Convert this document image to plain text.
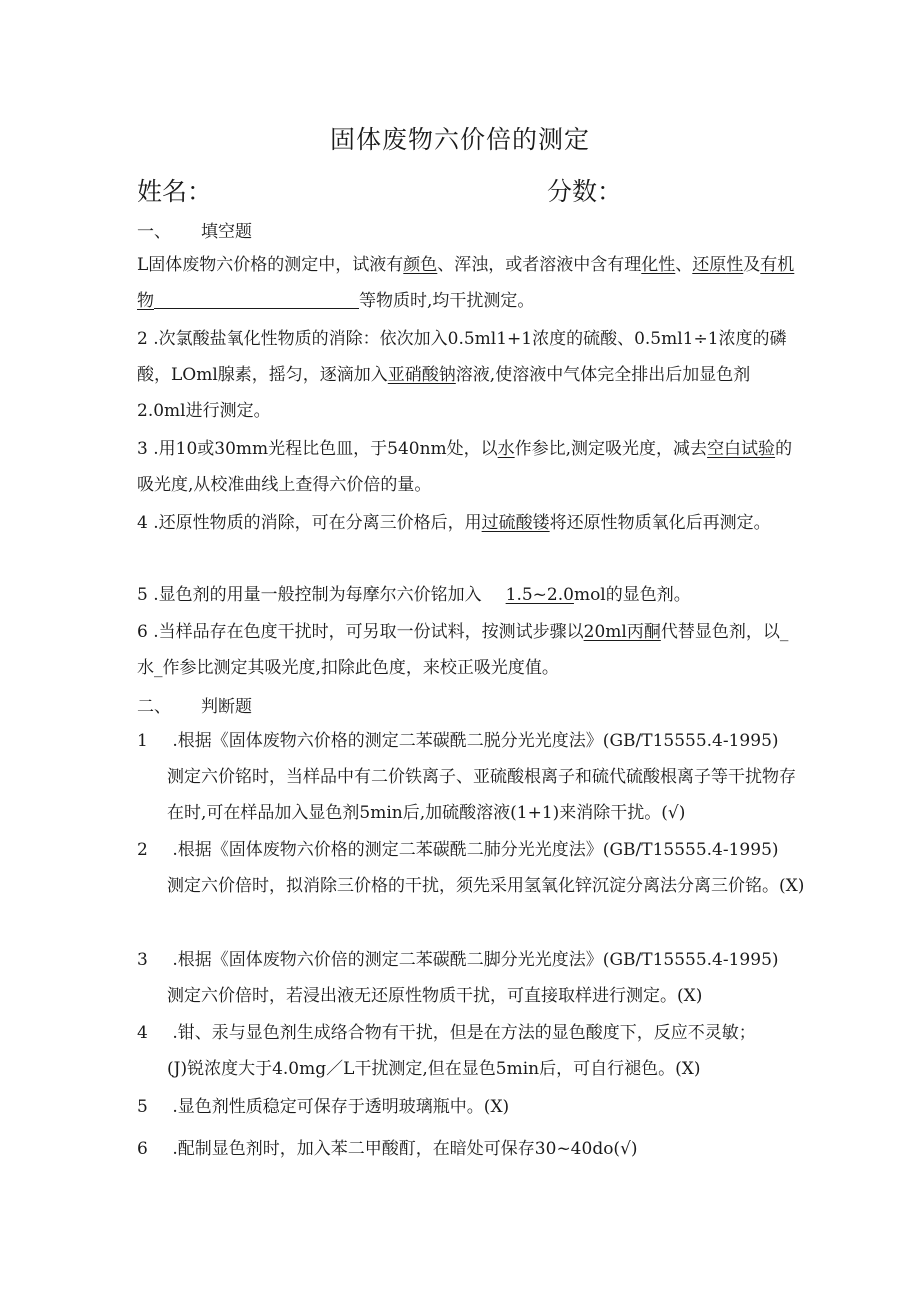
固体废物六价倍的测定
姓名：	分数：
一、 填空题
L固体废物六价格的测定中，试液有颜色、浑浊，或者溶液中含有理化性、还原性及有机物	等物质时,均干扰测定。
2 .次氯酸盐氧化性物质的消除：依次加入0.5ml1+1浓度的硫酸、0.5ml1÷1浓度的磷酸，LOml腺素，摇匀，逐滴加入亚硝酸钠溶液,使溶液中气体完全排出后加显色剂2.0ml进行测定。
3 .用10或30mm光程比色皿，于540nm处，以水作参比,测定吸光度，减去空白试验的吸光度,从校准曲线上查得六价倍的量。
4 .还原性物质的消除，可在分离三价格后，用过硫酸镂将还原性物质氧化后再测定。
5 .显色剂的用量一般控制为每摩尔六价铭加入 1.5~2.0mol的显色剂。
6 .当样品存在色度干扰时，可另取一份试料，按测试步骤以20ml丙酮代替显色剂，以_水_作参比测定其吸光度,扣除此色度，来校正吸光度值。
二、 判断题
1 .根据《固体废物六价格的测定二苯碳酰二脱分光光度法》(GB/T15555.4-1995)
测定六价铭时，当样品中有二价铁离子、亚硫酸根离子和硫代硫酸根离子等干扰物存在时,可在样品加入显色剂5min后,加硫酸溶液(1+1)来消除干扰。(√)
2 .根据《固体废物六价格的测定二苯碳酰二肺分光光度法》(GB/T15555.4-1995)
测定六价倍时，拟消除三价格的干扰，须先采用氢氧化锌沉淀分离法分离三价铭。(X)
3 .根据《固体废物六价倍的测定二苯碳酰二脚分光光度法》(GB/T15555.4-1995)
测定六价倍时，若浸出液无还原性物质干扰，可直接取样进行测定。(X)
4 .钳、汞与显色剂生成络合物有干扰，但是在方法的显色酸度下，反应不灵敏；
(J)锐浓度大于4.0mg／L干扰测定,但在显色5min后，可自行褪色。(X)
5 .显色剂性质稳定可保存于透明玻璃瓶中。(X)
6 .配制显色剂时，加入苯二甲酸酊，在暗处可保存30~40do(√)
